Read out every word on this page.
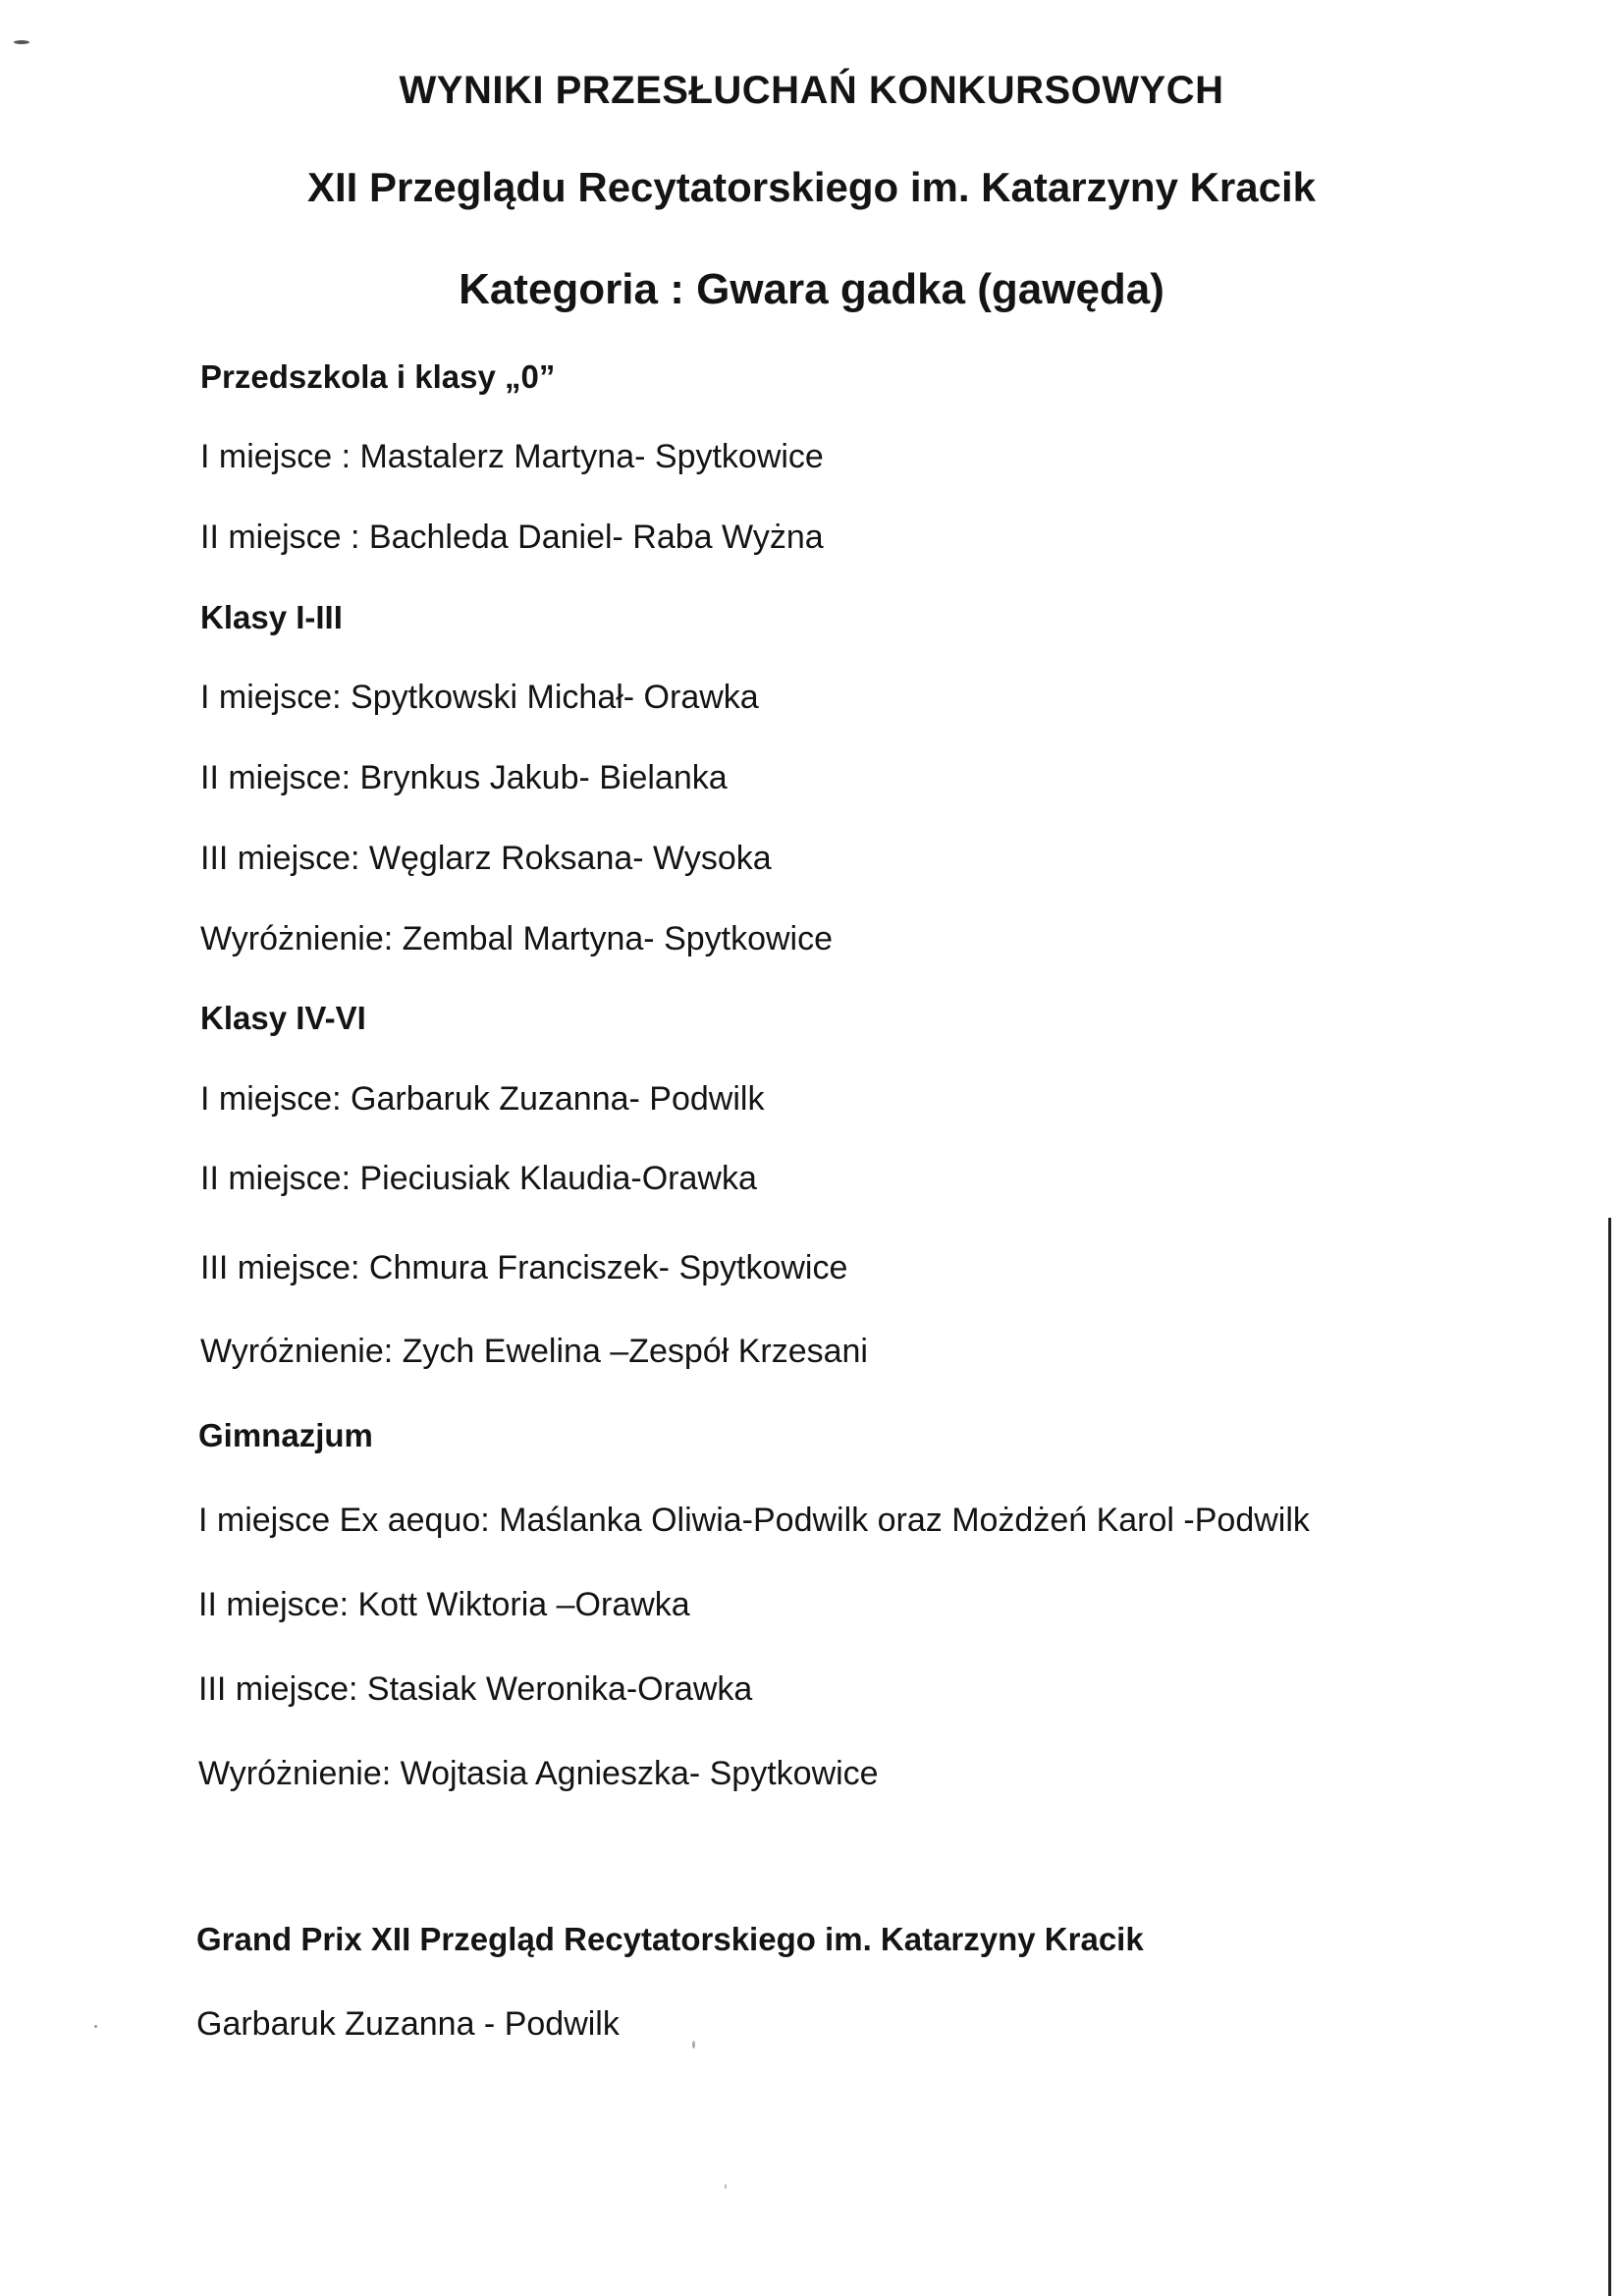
WYNIKI PRZESŁUCHAŃ KONKURSOWYCH
XII Przeglądu Recytatorskiego im. Katarzyny Kracik
Kategoria : Gwara gadka (gawęda)
Przedszkola i klasy „0”
I miejsce : Mastalerz Martyna- Spytkowice
II miejsce : Bachleda Daniel- Raba Wyżna
Klasy I-III
I miejsce: Spytkowski Michał- Orawka
II miejsce: Brynkus Jakub- Bielanka
III miejsce: Węglarz Roksana- Wysoka
Wyróżnienie: Zembal Martyna- Spytkowice
Klasy IV-VI
I miejsce: Garbaruk Zuzanna- Podwilk
II miejsce: Pieciusiak Klaudia-Orawka
III miejsce: Chmura Franciszek- Spytkowice
Wyróżnienie: Zych Ewelina –Zespół Krzesani
Gimnazjum
I miejsce Ex aequo: Maślanka Oliwia-Podwilk oraz Możdżeń Karol -Podwilk
II miejsce: Kott Wiktoria –Orawka
III miejsce: Stasiak Weronika-Orawka
Wyróżnienie: Wojtasia Agnieszka- Spytkowice
Grand Prix XII Przegląd Recytatorskiego im. Katarzyny Kracik
Garbaruk Zuzanna - Podwilk
